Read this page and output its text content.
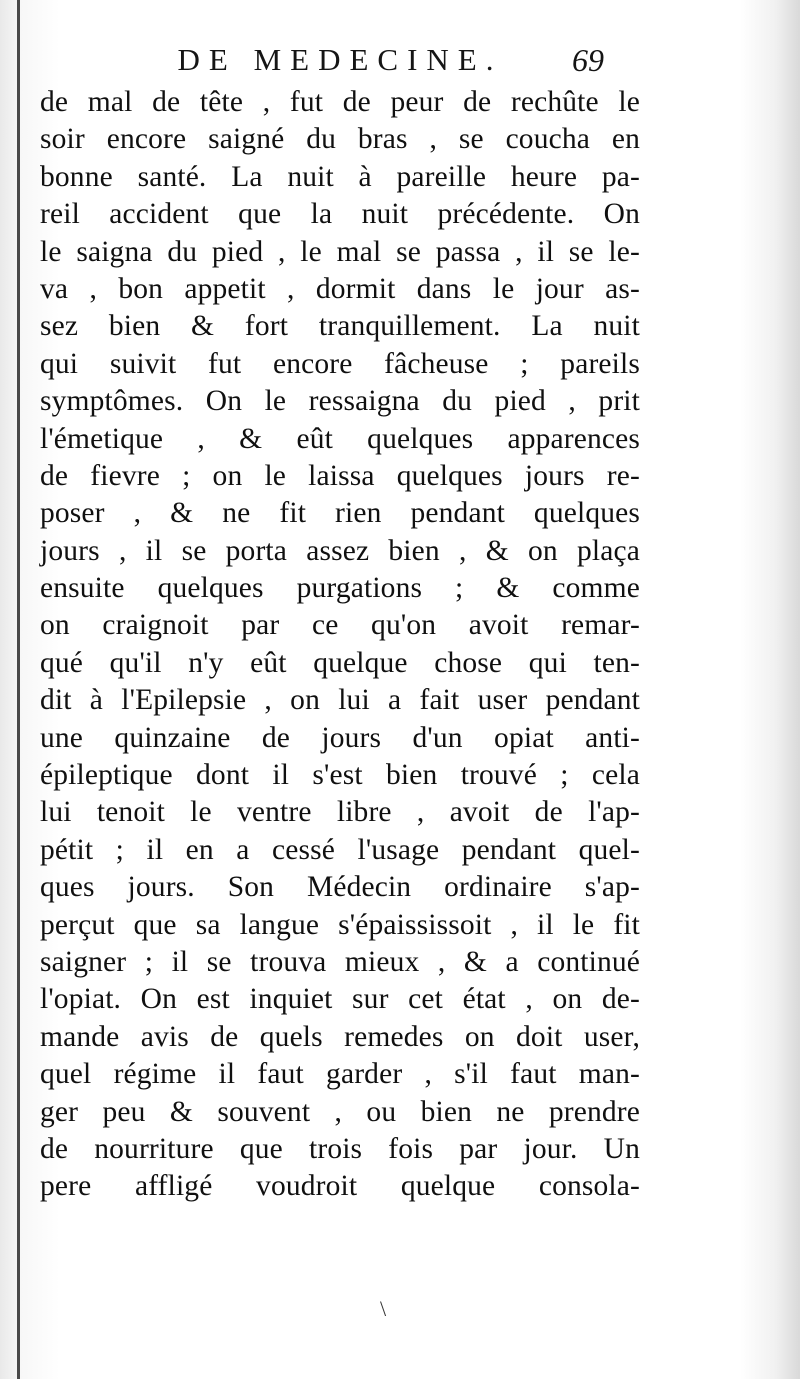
DE MEDECINE.	69
de mal de tête , fut de peur de rechûte le
soir encore saigné du bras , se coucha en
bonne santé. La nuit à pareille heure pa-
reil accident que la nuit précédente. On
le saigna du pied , le mal se passa , il se le-
va , bon appetit , dormit dans le jour as-
sez bien & fort tranquillement. La nuit
qui suivit fut encore fâcheuse ; pareils
symptômes. On le ressaigna du pied , prit
l'émetique , & eût quelques apparences
de fievre ; on le laissa quelques jours re-
poser , & ne fit rien pendant quelques
jours , il se porta assez bien , & on plaça
ensuite quelques purgations ; & comme
on craignoit par ce qu'on avoit remar-
qué qu'il n'y eût quelque chose qui ten-
dit à l'Epilepsie , on lui a fait user pendant
une quinzaine de jours d'un opiat anti-
épileptique dont il s'est bien trouvé ; cela
lui tenoit le ventre libre , avoit de l'ap-
pétit ; il en a cessé l'usage pendant quel-
ques jours. Son Médecin ordinaire s'ap-
perçut que sa langue s'épaississoit , il le fit
saigner ; il se trouva mieux , & a continué
l'opiat. On est inquiet sur cet état , on de-
mande avis de quels remedes on doit user,
quel régime il faut garder , s'il faut man-
ger peu & souvent , ou bien ne prendre
de nourriture que trois fois par jour. Un
pere affligé voudroit quelque consola-
\
